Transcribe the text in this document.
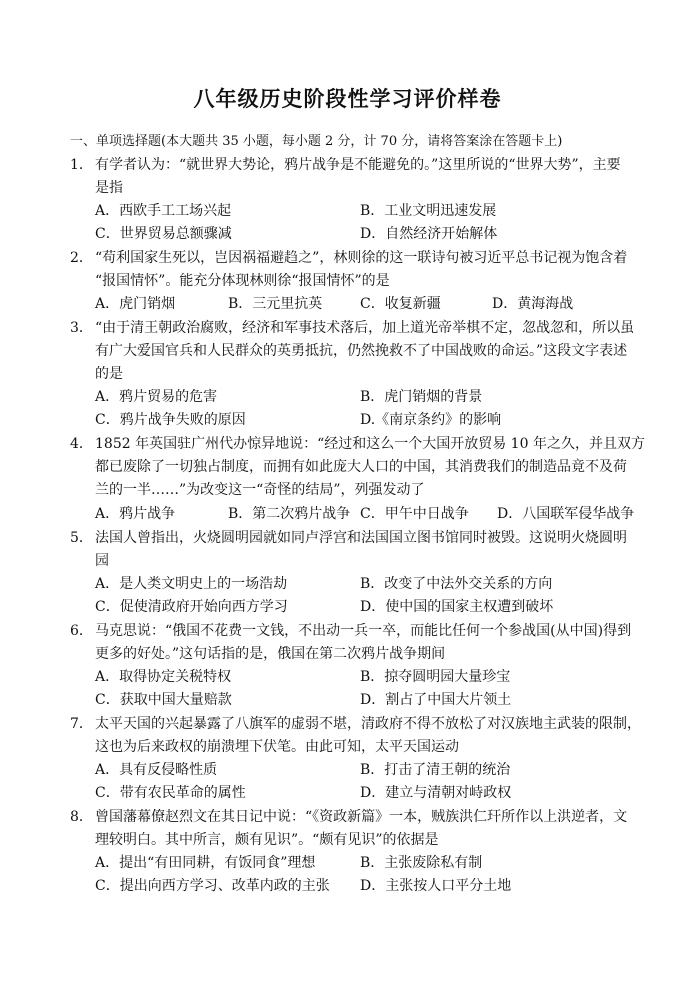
八年级历史阶段性学习评价样卷
一、单项选择题(本大题共 35 小题，每小题 2 分，计 70 分，请将答案涂在答题卡上)
1． 有学者认为：“就世界大势论，鸦片战争是不能避免的。”这里所说的“世界大势”，主要
是指
A．西欧手工工场兴起	B．工业文明迅速发展
C．世界贸易总额骤减	D．自然经济开始解体
2． “苟利国家生死以，岂因祸福避趋之”，林则徐的这一联诗句被习近平总书记视为饱含着
“报国情怀”。能充分体现林则徐“报国情怀”的是
A．虎门销烟	B．三元里抗英	C．收复新疆	D．黄海海战
3． “由于清王朝政治腐败，经济和军事技术落后，加上道光帝举棋不定，忽战忽和，所以虽
有广大爱国官兵和人民群众的英勇抵抗，仍然挽救不了中国战败的命运。”这段文字表述
的是
A．鸦片贸易的危害	B．虎门销烟的背景
C．鸦片战争失败的原因	D.《南京条约》的影响
4． 1852 年英国驻广州代办惊异地说：“经过和这么一个大国开放贸易 10 年之久，并且双方
都已废除了一切独占制度，而拥有如此庞大人口的中国，其消费我们的制造品竟不及荷
兰的一半……”为改变这一“奇怪的结局”，列强发动了
A．鸦片战争	B．第二次鸦片战争 C．甲午中日战争 D．八国联军侵华战争
5． 法国人曾指出，火烧圆明园就如同卢浮宫和法国国立图书馆同时被毁。这说明火烧圆明
园
A．是人类文明史上的一场浩劫	B．改变了中法外交关系的方向
C．促使清政府开始向西方学习	D．使中国的国家主权遭到破坏
6． 马克思说：“俄国不花费一文钱，不出动一兵一卒，而能比任何一个参战国(从中国)得到
更多的好处。”这句话指的是，俄国在第二次鸦片战争期间
A．取得协定关税特权	B．掠夺圆明园大量珍宝
C．获取中国大量赔款	D．割占了中国大片领土
7． 太平天国的兴起暴露了八旗军的虚弱不堪，清政府不得不放松了对汉族地主武装的限制，
这也为后来政权的崩溃埋下伏笔。由此可知，太平天国运动
A．具有反侵略性质	B．打击了清王朝的统治
C．带有农民革命的属性	D．建立与清朝对峙政权
8． 曾国藩幕僚赵烈文在其日记中说：“《资政新篇》一本，贼族洪仁玕所作以上洪逆者，文
理较明白。其中所言，颇有见识”。“颇有见识”的依据是
A．提出“有田同耕，有饭同食”理想	B．主张废除私有制
C．提出向西方学习、改革内政的主张 D．主张按人口平分土地
